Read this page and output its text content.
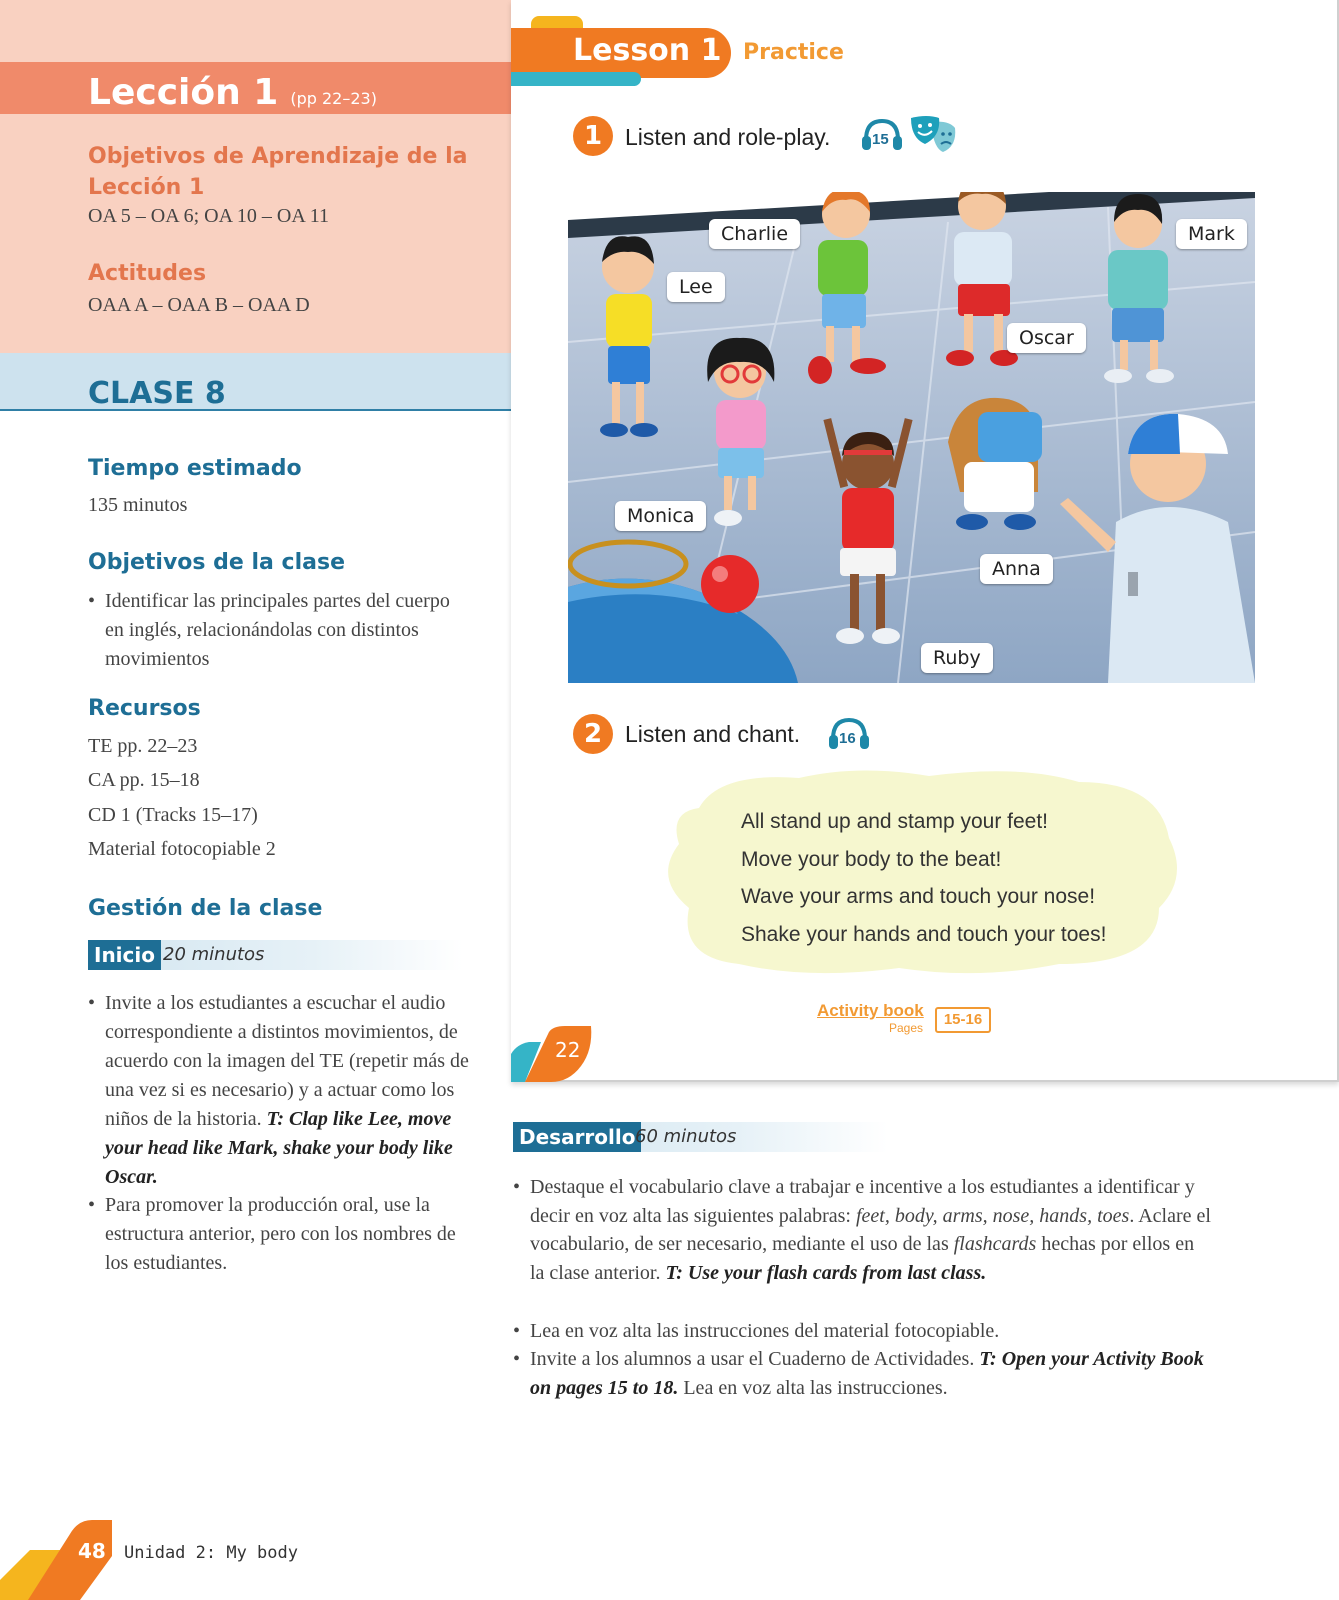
Lección 1 (pp 22–23)
Objetivos de Aprendizaje de la Lección 1
OA 5 – OA 6; OA 10 – OA 11
Actitudes
OAA A – OAA B – OAA D
CLASE 8
Tiempo estimado
135 minutos
Objetivos de la clase
• Identificar las principales partes del cuerpo en inglés, relacionándolas con distintos movimientos
Recursos
TE pp. 22–23
CA pp. 15–18
CD 1 (Tracks 15–17)
Material fotocopiable 2
Gestión de la clase
Inicio 20 minutos
• Invite a los estudiantes a escuchar el audio correspondiente a distintos movimientos, de acuerdo con la imagen del TE (repetir más de una vez si es necesario) y a actuar como los niños de la historia. T: Clap like Lee, move your head like Mark, shake your body like Oscar.
• Para promover la producción oral, use la estructura anterior, pero con los nombres de los estudiantes.
48 Unidad 2: My body
Lesson 1 Practice
1 Listen and role-play.	15
Charlie
Lee
Mark
Oscar
Monica
Anna
Ruby
2 Listen and chant.	16
All stand up and stamp your feet!
Move your body to the beat!
Wave your arms and touch your nose!
Shake your hands and touch your toes!
Activity book
Pages	15-16
22
Desarrollo 60 minutos
• Destaque el vocabulario clave a trabajar e incentive a los estudiantes a identificar y decir en voz alta las siguientes palabras: feet, body, arms, nose, hands, toes. Aclare el vocabulario, de ser necesario, mediante el uso de las flashcards hechas por ellos en la clase anterior. T: Use your flash cards from last class.
• Lea en voz alta las instrucciones del material fotocopiable.
• Invite a los alumnos a usar el Cuaderno de Actividades. T: Open your Activity Book on pages 15 to 18. Lea en voz alta las instrucciones.
